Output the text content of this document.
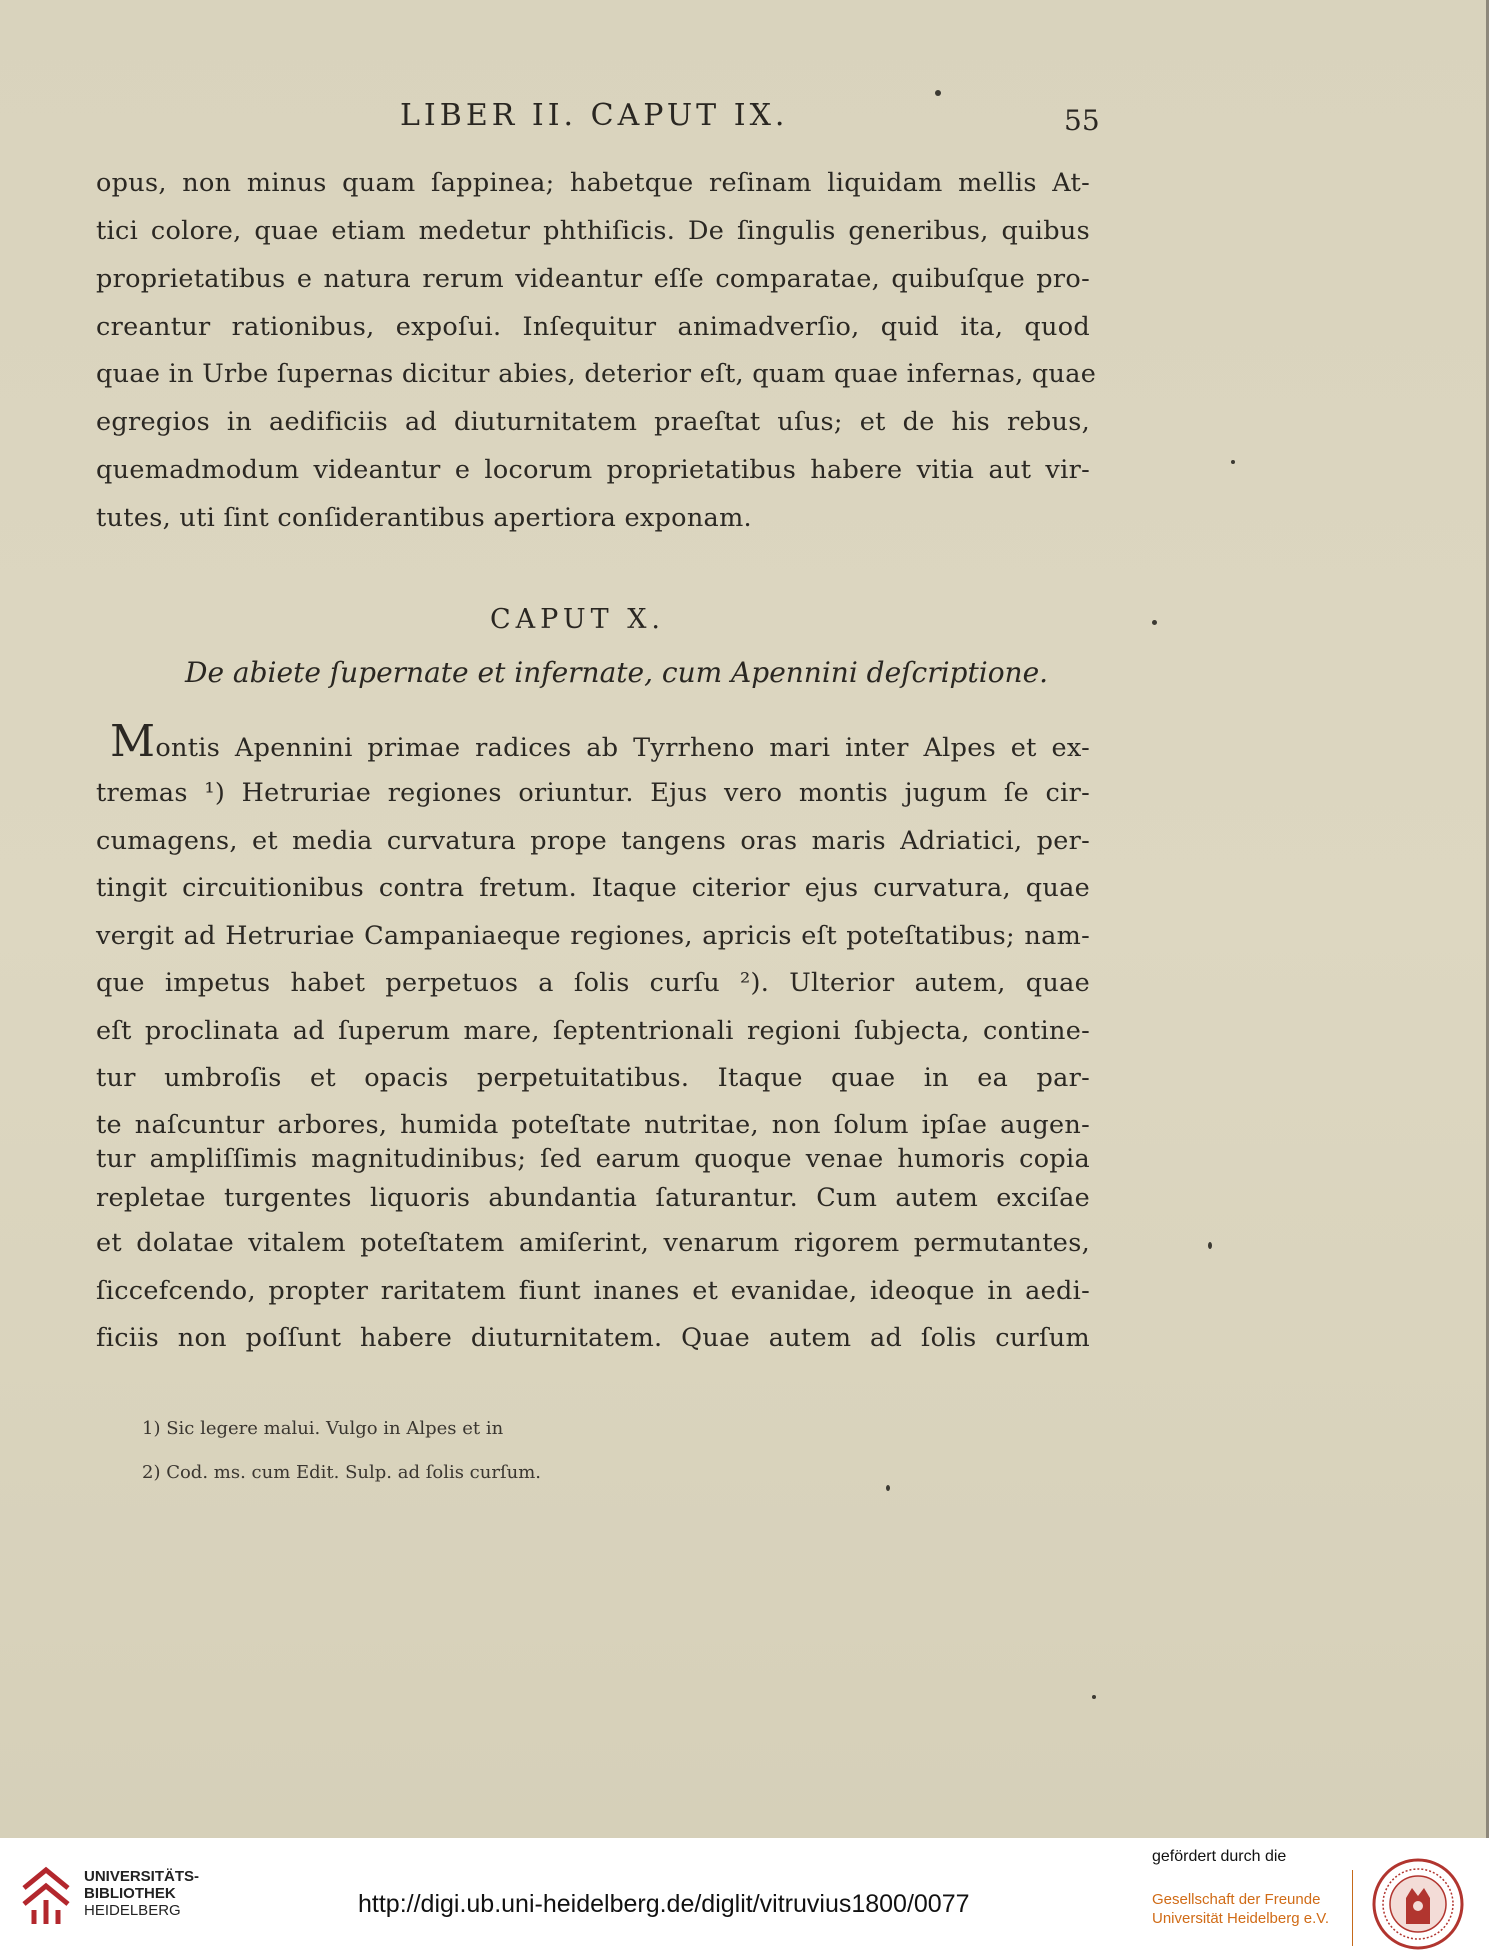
LIBER II. CAPUT IX.	55

opus, non minus quam ſappinea; habetque reſinam liquidam mellis At-

tici colore, quae etiam medetur phthiſicis. De ſingulis generibus, quibus

proprietatibus e natura rerum videantur eſſe comparatae, quibuſque pro-

creantur rationibus, expoſui. Inſequitur animadverſio, quid ita, quod

quae in Urbe ſupernas dicitur abies, deterior eſt, quam quae infernas, quae

egregios in aedificiis ad diuturnitatem praeſtat uſus; et de his rebus,

quemadmodum videantur e locorum proprietatibus habere vitia aut vir-

tutes, uti ſint conſiderantibus apertiora exponam.

CAPUT X.
De abiete ſupernate et infernate, cum Apennini deſcriptione.

Montis Apennini primae radices ab Tyrrheno mari inter Alpes et ex-

tremas ¹) Hetruriae regiones oriuntur. Ejus vero montis jugum ſe cir-

cumagens, et media curvatura prope tangens oras maris Adriatici, per-

tingit circuitionibus contra fretum. Itaque citerior ejus curvatura, quae

vergit ad Hetruriae Campaniaeque regiones, apricis eſt poteſtatibus; nam-

que impetus habet perpetuos a ſolis curſu ²). Ulterior autem, quae

eſt proclinata ad ſuperum mare, ſeptentrionali regioni ſubjecta, contine-

tur umbroſis et opacis perpetuitatibus. Itaque quae in ea par-

te naſcuntur arbores, humida poteſtate nutritae, non ſolum ipſae augen-

tur ampliſſimis magnitudinibus; ſed earum quoque venae humoris copia

repletae turgentes liquoris abundantia ſaturantur. Cum autem exciſae

et dolatae vitalem poteſtatem amiſerint, venarum rigorem permutantes,

ſiccefcendo, propter raritatem fiunt inanes et evanidae, ideoque in aedi-

ficiis non poſſunt habere diuturnitatem. Quae autem ad ſolis curſum

1) Sic legere malui. Vulgo in Alpes et in

2) Cod. ms. cum Edit. Sulp. ad ſolis curſum.

UNIVERSITÄTS-
BIBLIOTHEK
HEIDELBERG	http://digi.ub.uni-heidelberg.de/diglit/vitruvius1800/0077
gefördert durch die
Gesellschaft der Freunde
Universität Heidelberg e.V.
